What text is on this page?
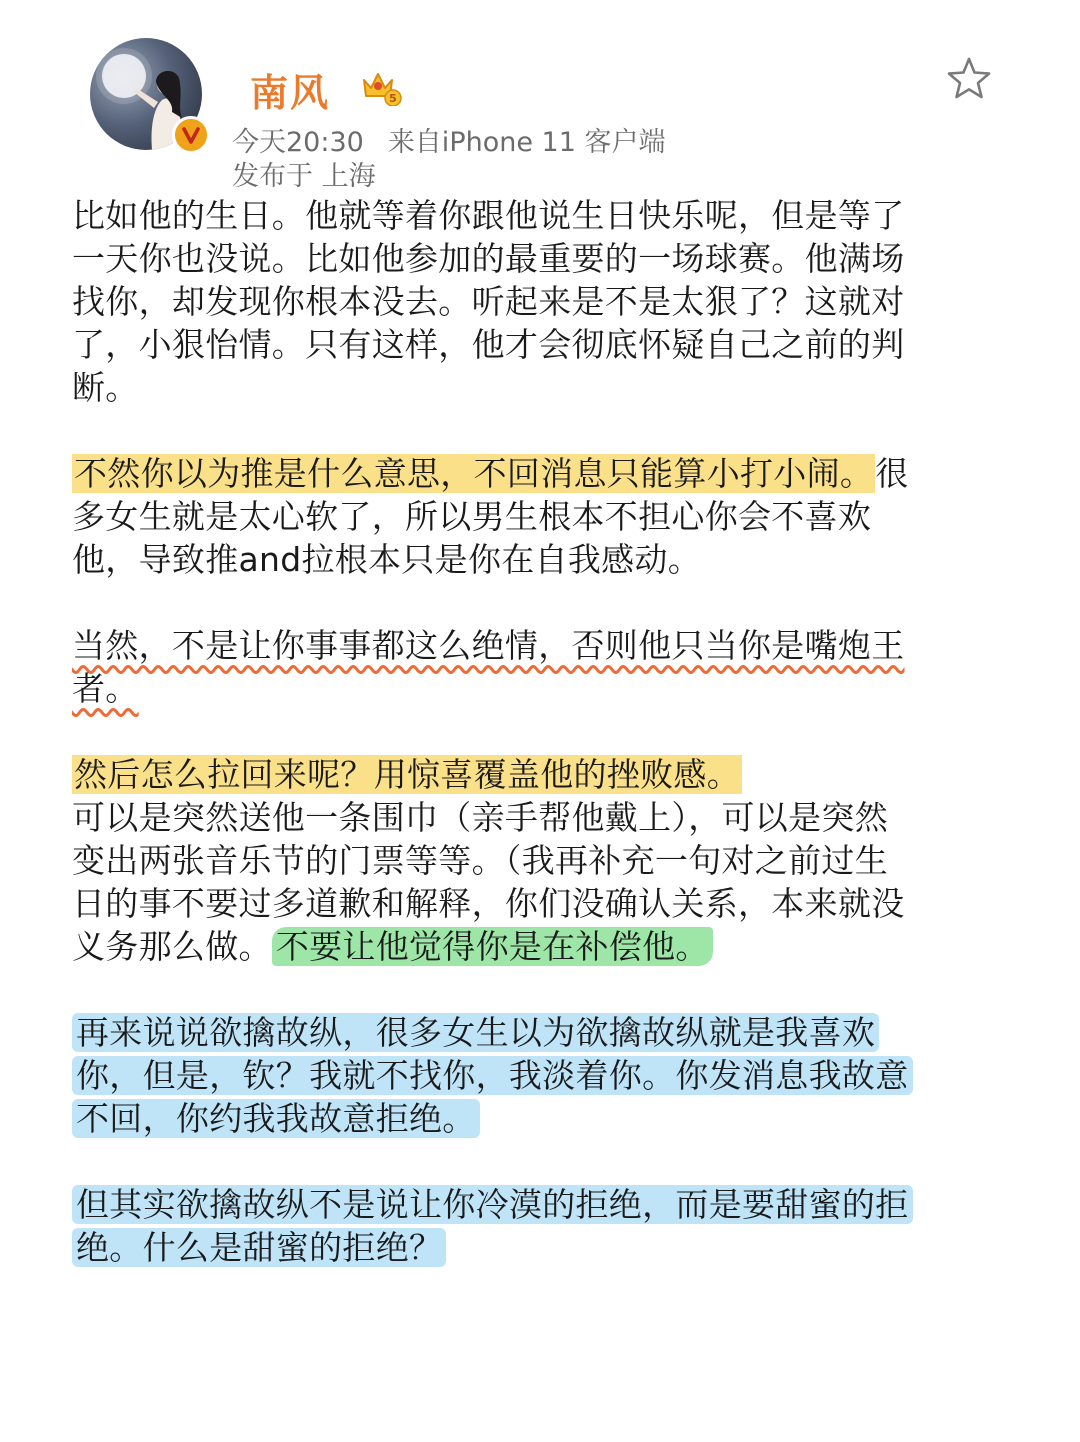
南风	5
今天20:30 来自iPhone 11 客户端
发布于 上海

比如他的生日。他就等着你跟他说生日快乐呢，但是等了

一天你也没说。比如他参加的最重要的一场球赛。他满场

找你，却发现你根本没去。听起来是不是太狠了？这就对

了，小狠怡情。只有这样，他才会彻底怀疑自己之前的判

断。

不然你以为推是什么意思，不回消息只能算小打小闹。很

多女生就是太心软了，所以男生根本不担心你会不喜欢

他，导致推and拉根本只是你在自我感动。

当然，不是让你事事都这么绝情，否则他只当你是嘴炮王

者。

然后怎么拉回来呢？用惊喜覆盖他的挫败感。

可以是突然送他一条围巾（亲手帮他戴上），可以是突然

变出两张音乐节的门票等等。（我再补充一句对之前过生

日的事不要过多道歉和解释，你们没确认关系，本来就没

义务那么做。 不要让他觉得你是在补偿他。

再来说说欲擒故纵，很多女生以为欲擒故纵就是我喜欢

你，但是，钦？我就不找你，我淡着你。你发消息我故意

不回，你约我我故意拒绝。

但其实欲擒故纵不是说让你冷漠的拒绝，而是要甜蜜的拒

绝。什么是甜蜜的拒绝？
